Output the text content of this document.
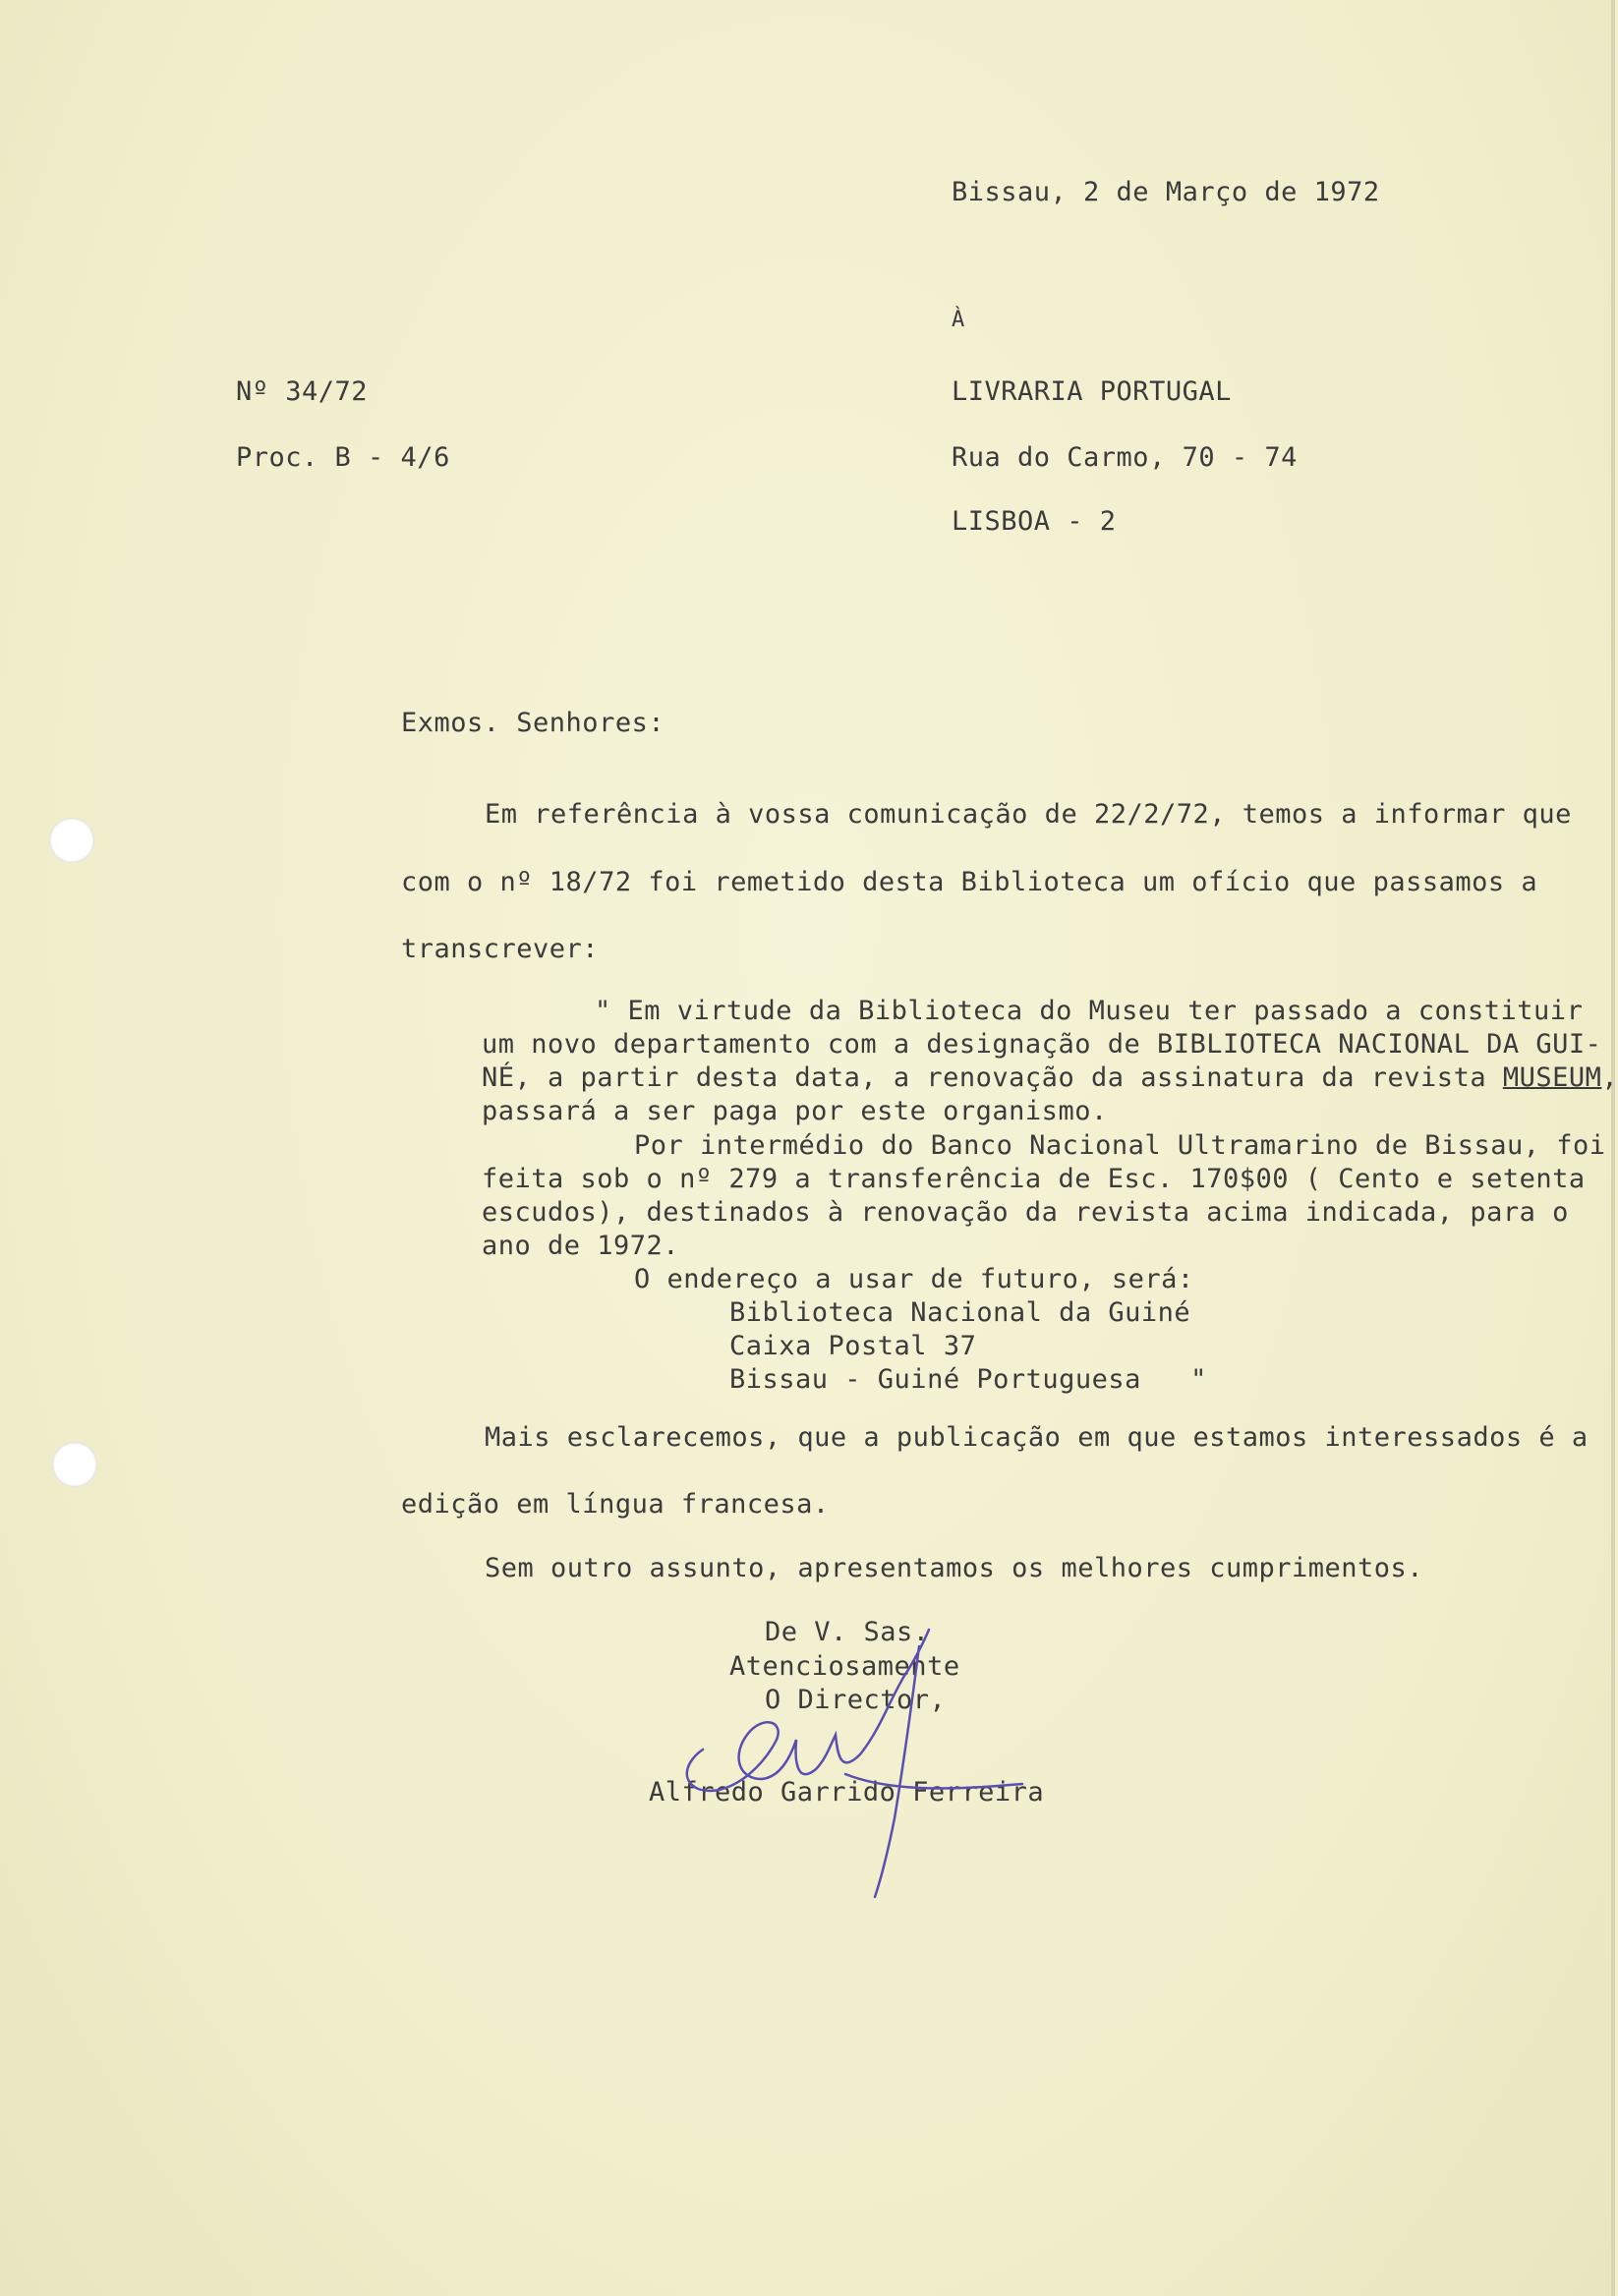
Bissau, 2 de Março de 1972
À
Nº 34/72
Proc. B - 4/6
LIVRARIA PORTUGAL
Rua do Carmo, 70 - 74
LISBOA - 2
Exmos. Senhores:
Em referência à vossa comunicação de 22/2/72, temos a informar que
com o nº 18/72 foi remetido desta Biblioteca um ofício que passamos a
transcrever:
" Em virtude da Biblioteca do Museu ter passado a constituir
um novo departamento com a designação de BIBLIOTECA NACIONAL DA GUI-
NÉ, a partir desta data, a renovação da assinatura da revista MUSEUM,
passará a ser paga por este organismo.
Por intermédio do Banco Nacional Ultramarino de Bissau, foi
feita sob o nº 279 a transferência de Esc. 170$00 ( Cento e setenta
escudos), destinados à renovação da revista acima indicada, para o
ano de 1972.
O endereço a usar de futuro, será:
Biblioteca Nacional da Guiné
Caixa Postal 37
Bissau - Guiné Portuguesa   "
Mais esclarecemos, que a publicação em que estamos interessados é a
edição em língua francesa.
Sem outro assunto, apresentamos os melhores cumprimentos.
De V. Sas.
Atenciosamente
O Director,
Alfredo Garrido Ferreira
